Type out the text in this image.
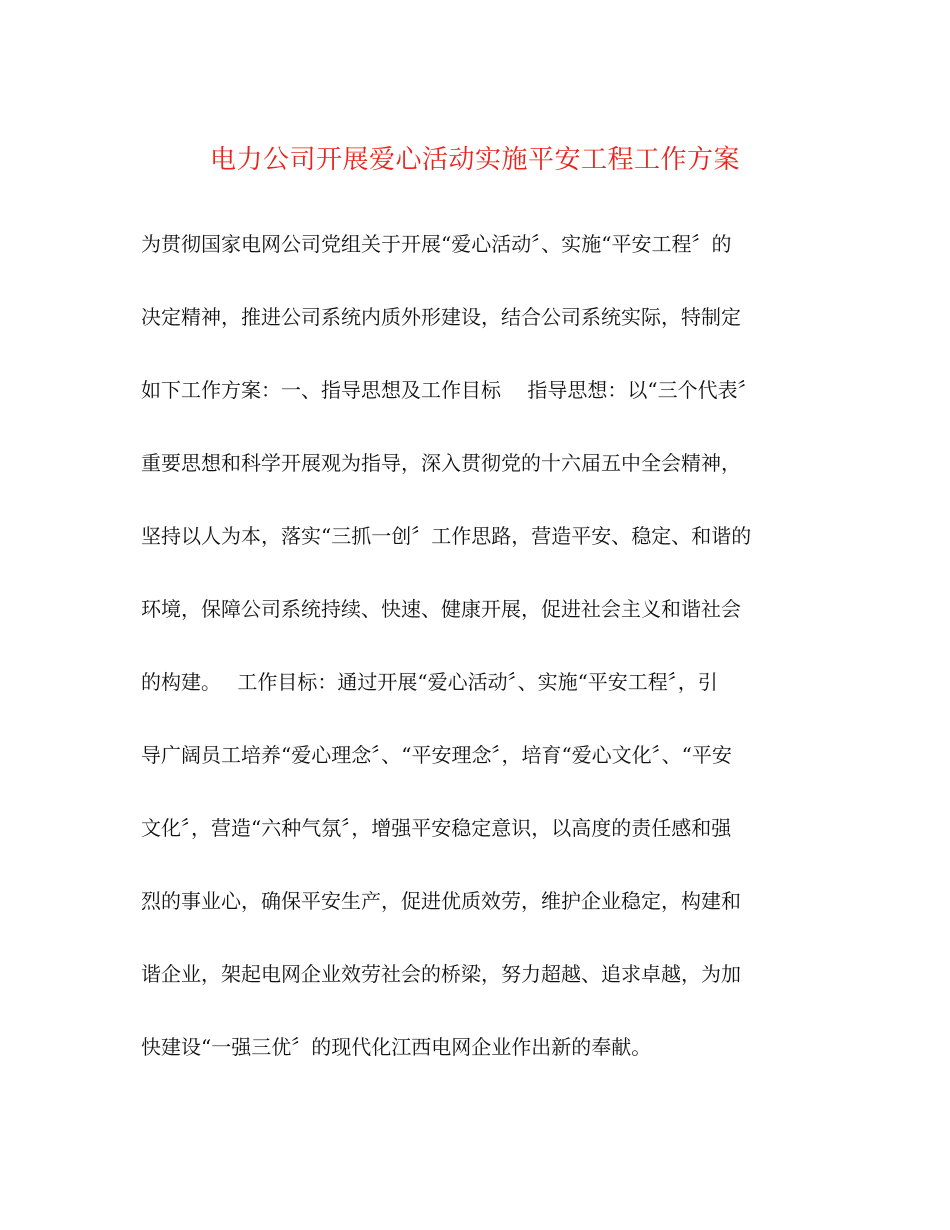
电力公司开展爱心活动实施平安工程工作方案
为贯彻国家电网公司党组关于开展“爱心活动〞、实施“平安工程〞的
决定精神，推进公司系统内质外形建设，结合公司系统实际，特制定
如下工作方案：一、指导思想及工作目标　 指导思想：以“三个代表〞
重要思想和科学开展观为指导，深入贯彻党的十六届五中全会精神，
坚持以人为本，落实“三抓一创〞工作思路，营造平安、稳定、和谐的
环境，保障公司系统持续、快速、健康开展，促进社会主义和谐社会
的构建。　 工作目标：通过开展“爱心活动〞、实施“平安工程〞，引
导广阔员工培养“爱心理念〞、“平安理念〞，培育“爱心文化〞、“平安
文化〞，营造“六种气氛〞，增强平安稳定意识，以高度的责任感和强
烈的事业心，确保平安生产，促进优质效劳，维护企业稳定，构建和
谐企业，架起电网企业效劳社会的桥梁，努力超越、追求卓越，为加
快建设“一强三优〞的现代化江西电网企业作出新的奉献。
